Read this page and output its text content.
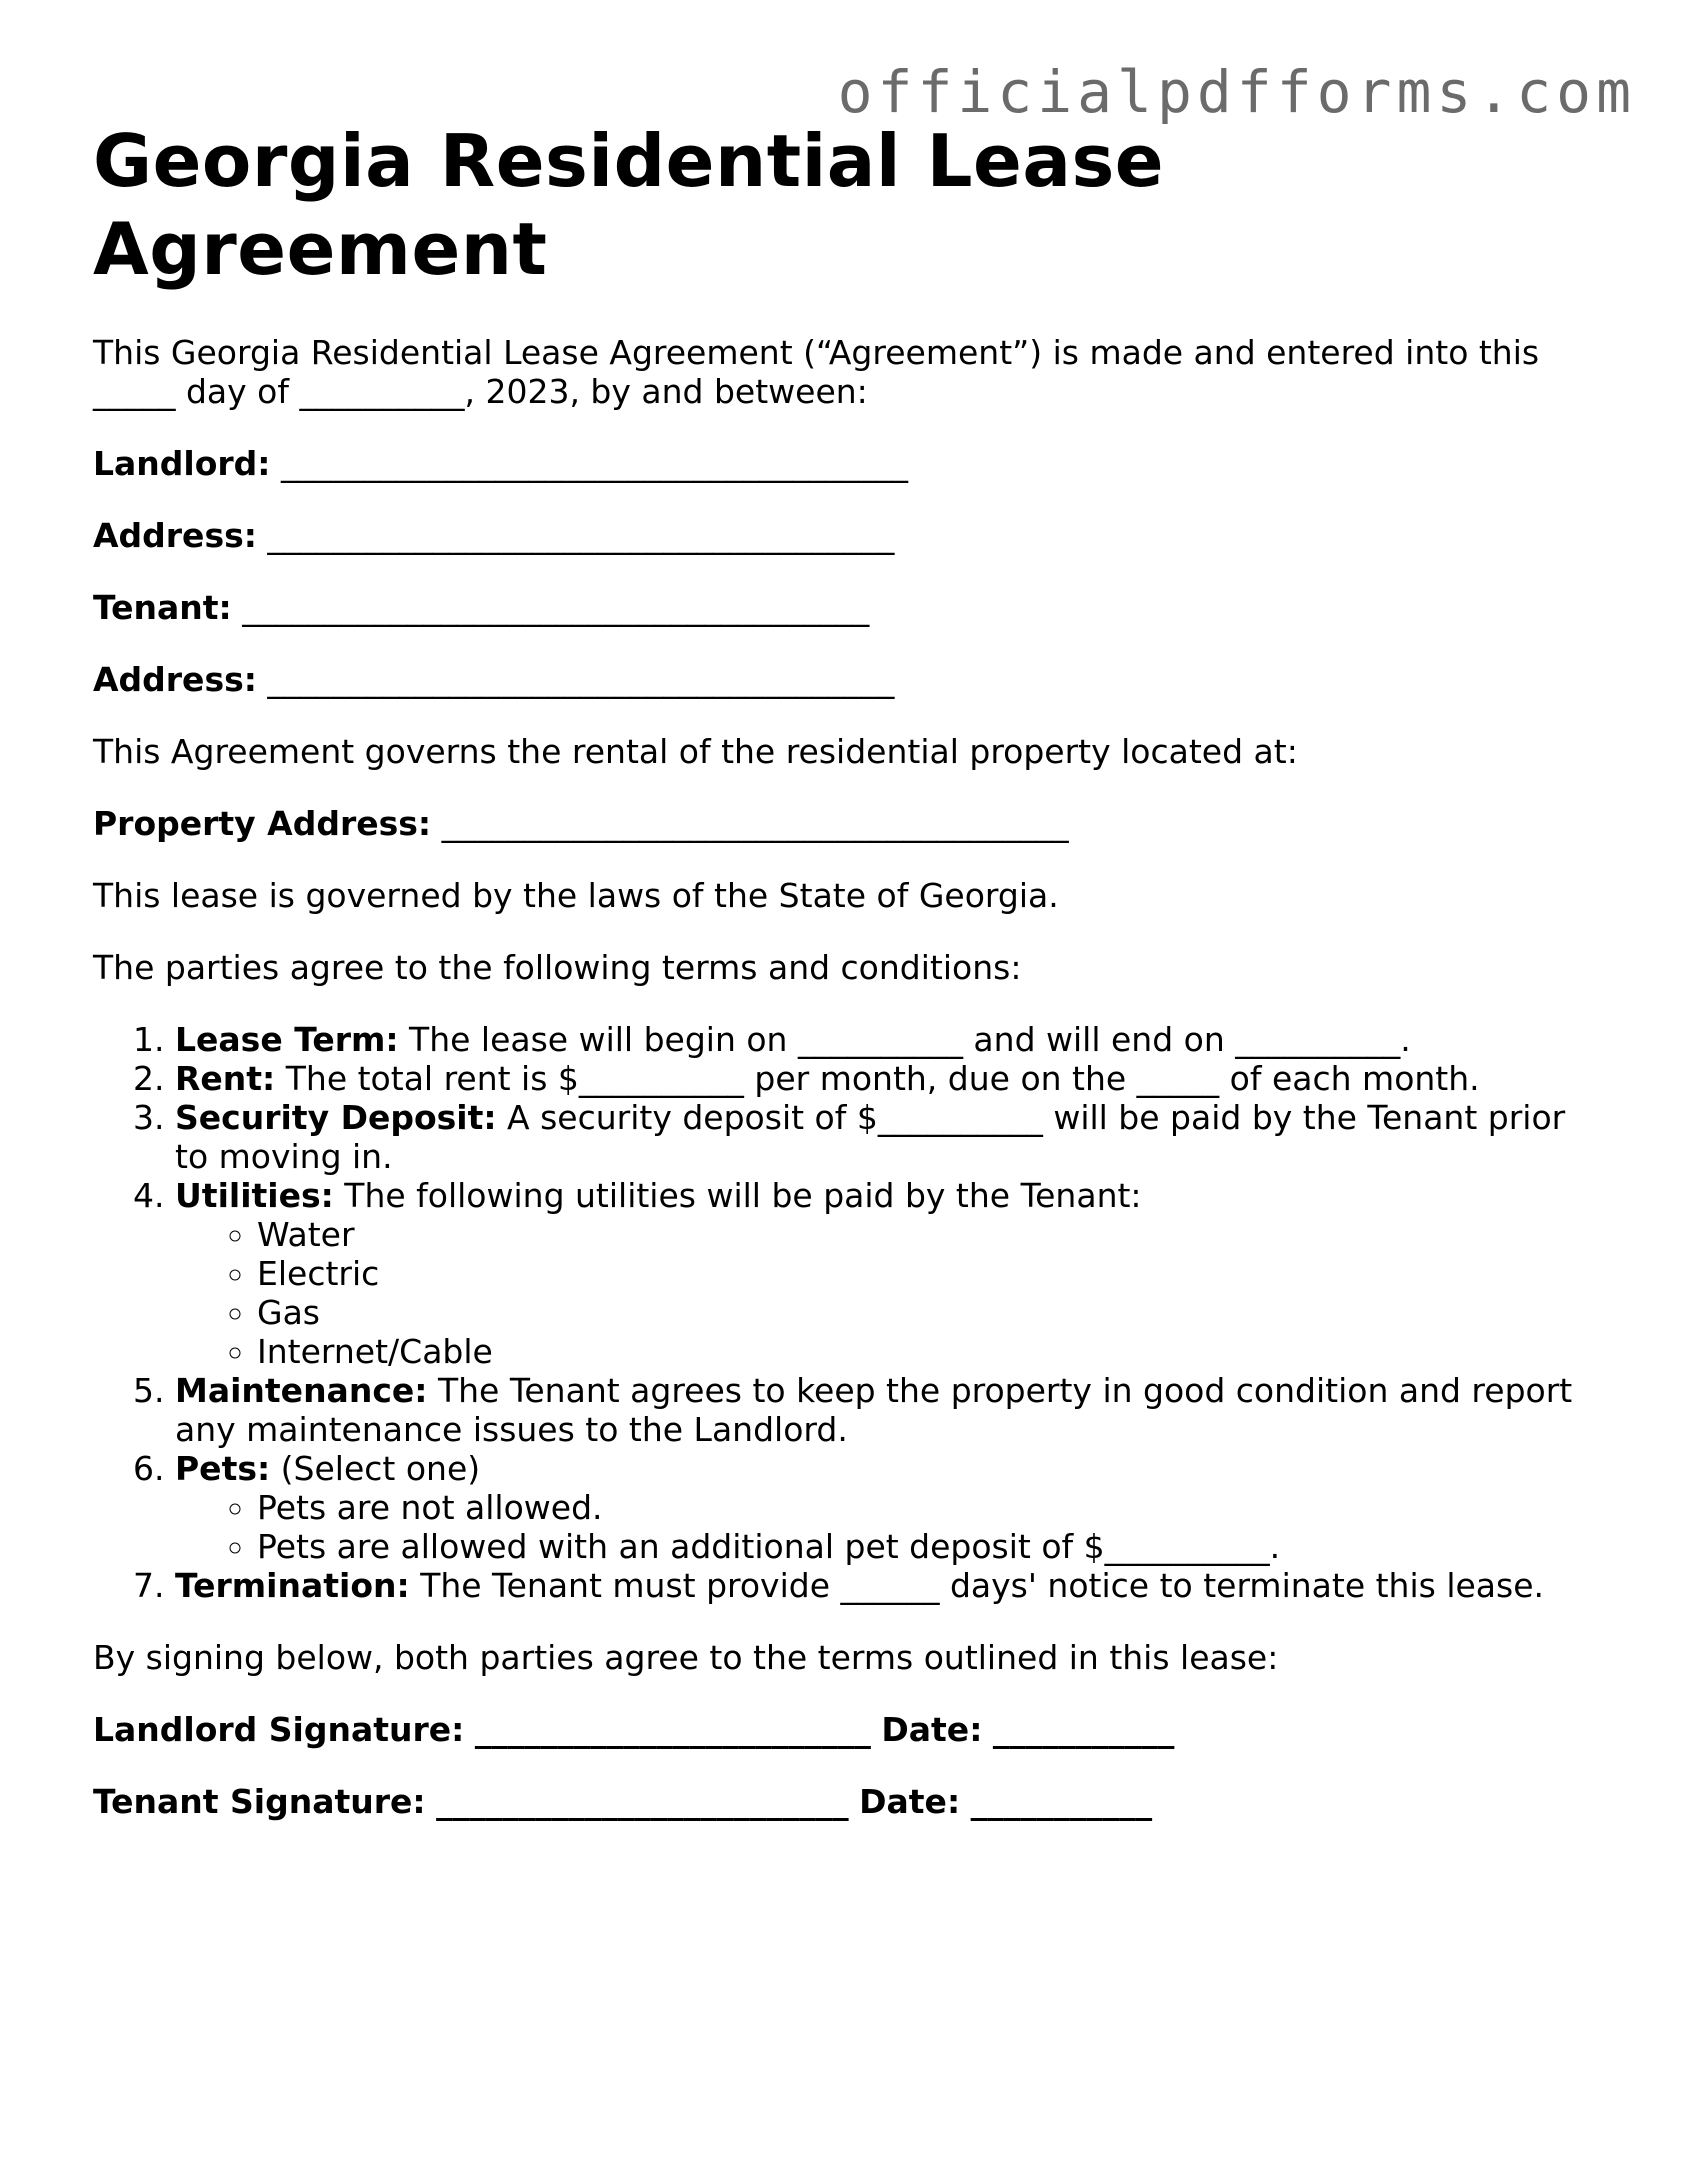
officialpdfforms.com
Georgia Residential Lease Agreement

This Georgia Residential Lease Agreement (“Agreement”) is made and entered into this _____ day of __________, 2023, by and between:

Landlord: ______________________________________

Address: ______________________________________

Tenant: ______________________________________

Address: ______________________________________

This Agreement governs the rental of the residential property located at:

Property Address: ______________________________________

This lease is governed by the laws of the State of Georgia.

The parties agree to the following terms and conditions:

1. Lease Term: The lease will begin on __________ and will end on __________.
2. Rent: The total rent is $__________ per month, due on the _____ of each month.
3. Security Deposit: A security deposit of $__________ will be paid by the Tenant prior to moving in.
4. Utilities: The following utilities will be paid by the Tenant:
◦ Water
◦ Electric
◦ Gas
◦ Internet/Cable
5. Maintenance: The Tenant agrees to keep the property in good condition and report any maintenance issues to the Landlord.
6. Pets: (Select one)
◦ Pets are not allowed.
◦ Pets are allowed with an additional pet deposit of $__________.
7. Termination: The Tenant must provide ______ days' notice to terminate this lease.

By signing below, both parties agree to the terms outlined in this lease:

Landlord Signature: ________________________ Date: ___________

Tenant Signature: _________________________ Date: ___________
